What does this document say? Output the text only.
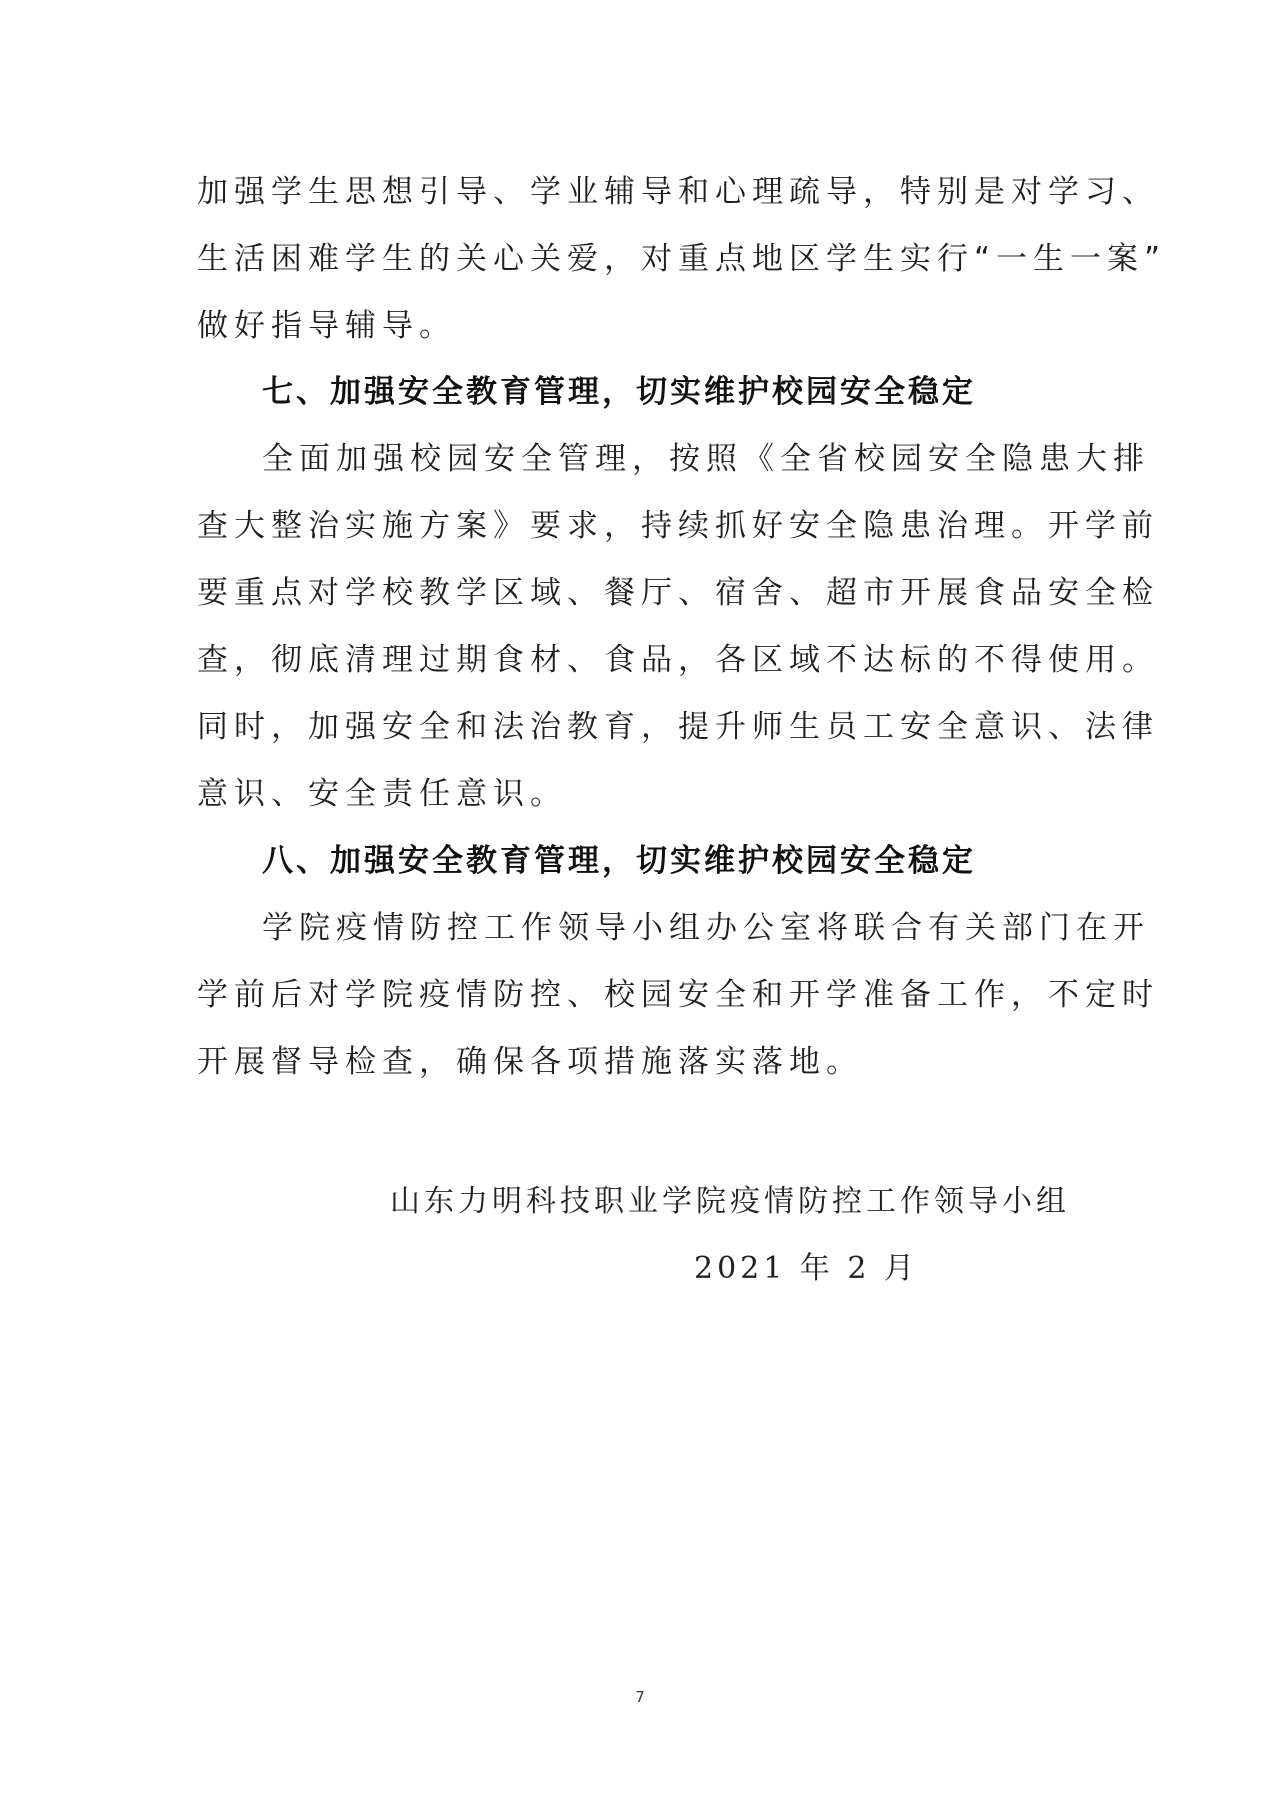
加强学生思想引导、学业辅导和心理疏导，特别是对学习、
生活困难学生的关心关爱，对重点地区学生实行“一生一案”
做好指导辅导。
七、加强安全教育管理，切实维护校园安全稳定
全面加强校园安全管理，按照《全省校园安全隐患大排
查大整治实施方案》要求，持续抓好安全隐患治理。开学前
要重点对学校教学区域、餐厅、宿舍、超市开展食品安全检
查，彻底清理过期食材、食品，各区域不达标的不得使用。
同时，加强安全和法治教育，提升师生员工安全意识、法律
意识、安全责任意识。
八、加强安全教育管理，切实维护校园安全稳定
学院疫情防控工作领导小组办公室将联合有关部门在开
学前后对学院疫情防控、校园安全和开学准备工作，不定时
开展督导检查，确保各项措施落实落地。
山东力明科技职业学院疫情防控工作领导小组
2021 年 2 月
7
